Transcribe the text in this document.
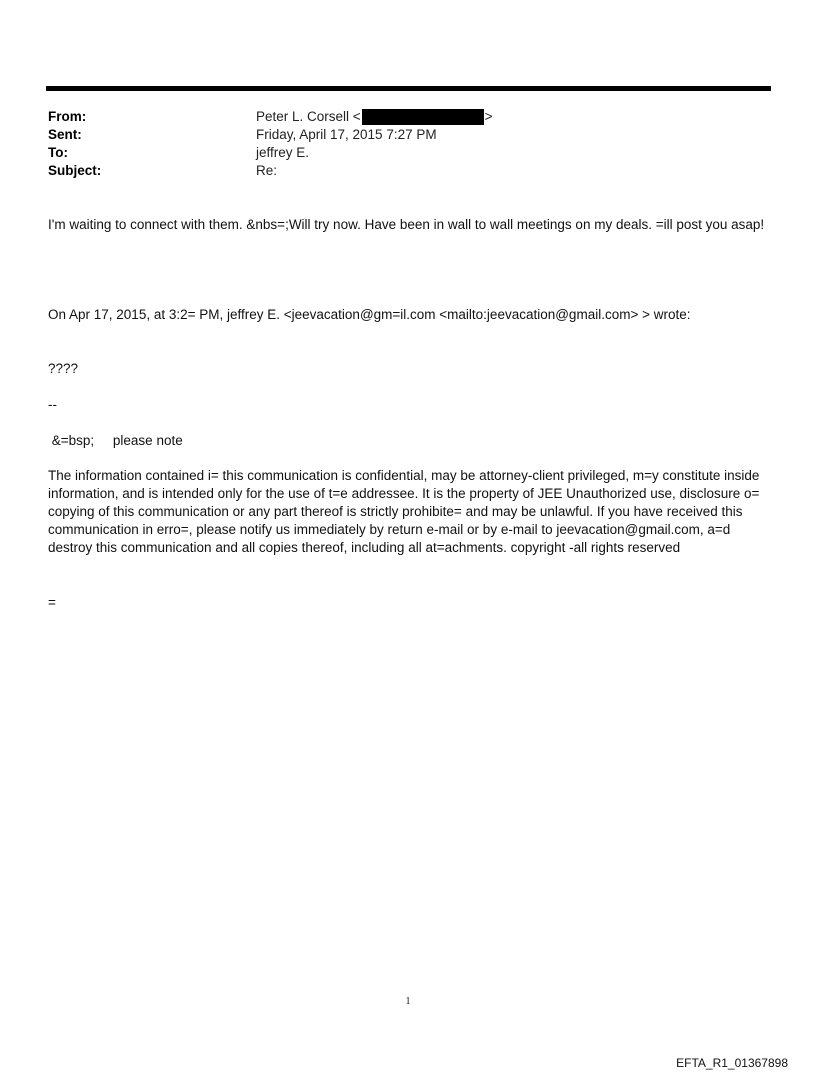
From:	Peter L. Corsell <	>
Sent:	Friday, April 17, 2015 7:27 PM
To:	jeffrey E.
Subject:	Re:
I'm waiting to connect with them. &nbs=;Will try now. Have been in wall to wall meetings on my deals. =ill post you asap!
On Apr 17, 2015, at 3:2= PM, jeffrey E. <jeevacation@gm=il.com <mailto:jeevacation@gmail.com> > wrote:
????
--
&=bsp;     please note
The information contained i= this communication is confidential, may be attorney-client privileged, m=y constitute inside information, and is intended only for the use of t=e addressee. It is the property of JEE Unauthorized use, disclosure o= copying of this communication or any part thereof is strictly prohibite= and may be unlawful. If you have received this communication in erro=, please notify us immediately by return e-mail or by e-mail to jeevacation@gmail.com, a=d destroy this communication and all copies thereof, including all at=achments. copyright -all rights reserved
=
1
EFTA_R1_01367898
